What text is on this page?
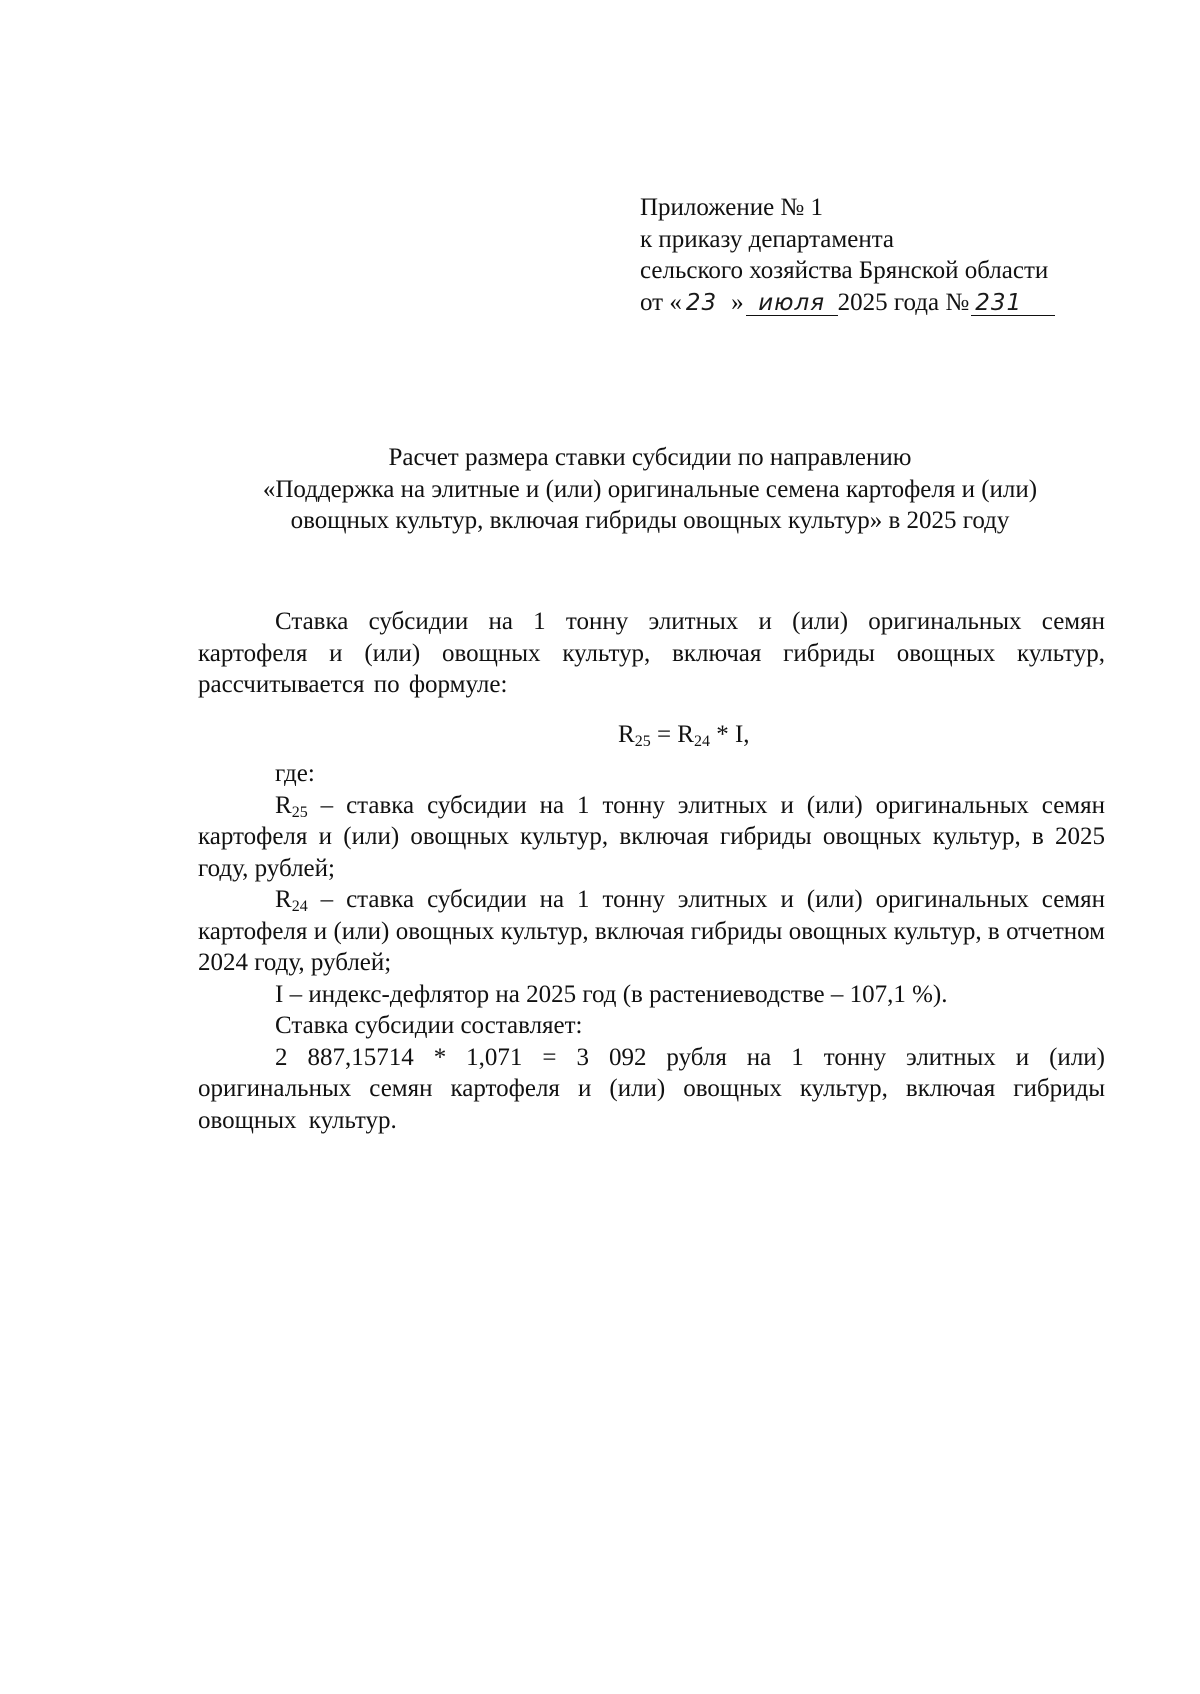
Приложение № 1
к приказу департамента
сельского хозяйства Брянской области
от « 23 » июля 2025 года № 231
Расчет размера ставки субсидии по направлению
«Поддержка на элитные и (или) оригинальные семена картофеля и (или)
овощных культур, включая гибриды овощных культур» в 2025 году

Ставка субсидии на 1 тонну элитных и (или) оригинальных семян картофеля и (или) овощных культур, включая гибриды овощных культур, рассчитывается по формуле:

$R_{25} = R_{24} * I$,

где:

$R_{25}$ – ставка субсидии на 1 тонну элитных и (или) оригинальных семян картофеля и (или) овощных культур, включая гибриды овощных культур, в 2025 году, рублей;

$R_{24}$ – ставка субсидии на 1 тонну элитных и (или) оригинальных семян картофеля и (или) овощных культур, включая гибриды овощных культур, в отчетном 2024 году, рублей;

I – индекс-дефлятор на 2025 год (в растениеводстве – 107,1 %).

Ставка субсидии составляет:

2 887,15714 * 1,071 = 3 092 рубля на 1 тонну элитных и (или) оригинальных семян картофеля и (или) овощных культур, включая гибриды овощных культур.
